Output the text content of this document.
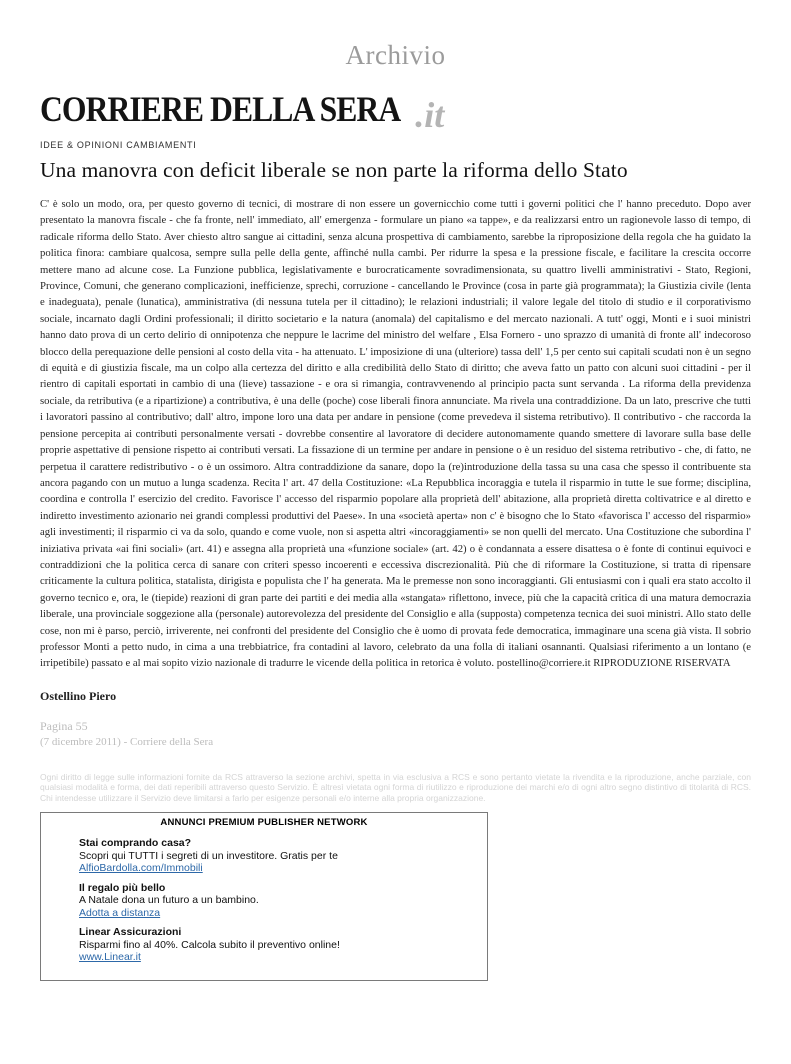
Archivio
CORRIERE DELLA SERA .it
IDEE & OPINIONI CAMBIAMENTI
Una manovra con deficit liberale se non parte la riforma dello Stato
C' è solo un modo, ora, per questo governo di tecnici, di mostrare di non essere un governicchio come tutti i governi politici che l' hanno preceduto. Dopo aver presentato la manovra fiscale - che fa fronte, nell' immediato, all' emergenza - formulare un piano «a tappe», e da realizzarsi entro un ragionevole lasso di tempo, di radicale riforma dello Stato. Aver chiesto altro sangue ai cittadini, senza alcuna prospettiva di cambiamento, sarebbe la riproposizione della regola che ha guidato la politica finora: cambiare qualcosa, sempre sulla pelle della gente, affinché nulla cambi. Per ridurre la spesa e la pressione fiscale, e facilitare la crescita occorre mettere mano ad alcune cose. La Funzione pubblica, legislativamente e burocraticamente sovradimensionata, su quattro livelli amministrativi - Stato, Regioni, Province, Comuni, che generano complicazioni, inefficienze, sprechi, corruzione - cancellando le Province (cosa in parte già programmata); la Giustizia civile (lenta e inadeguata), penale (lunatica), amministrativa (di nessuna tutela per il cittadino); le relazioni industriali; il valore legale del titolo di studio e il corporativismo sociale, incarnato dagli Ordini professionali; il diritto societario e la natura (anomala) del capitalismo e del mercato nazionali. A tutt' oggi, Monti e i suoi ministri hanno dato prova di un certo delirio di onnipotenza che neppure le lacrime del ministro del welfare , Elsa Fornero - uno sprazzo di umanità di fronte all' indecoroso blocco della perequazione delle pensioni al costo della vita - ha attenuato. L' imposizione di una (ulteriore) tassa dell' 1,5 per cento sui capitali scudati non è un segno di equità e di giustizia fiscale, ma un colpo alla certezza del diritto e alla credibilità dello Stato di diritto; che aveva fatto un patto con alcuni suoi cittadini - per il rientro di capitali esportati in cambio di una (lieve) tassazione - e ora si rimangia, contravvenendo al principio pacta sunt servanda . La riforma della previdenza sociale, da retributiva (e a ripartizione) a contributiva, è una delle (poche) cose liberali finora annunciate. Ma rivela una contraddizione. Da un lato, prescrive che tutti i lavoratori passino al contributivo; dall' altro, impone loro una data per andare in pensione (come prevedeva il sistema retributivo). Il contributivo - che raccorda la pensione percepita ai contributi personalmente versati - dovrebbe consentire al lavoratore di decidere autonomamente quando smettere di lavorare sulla base delle proprie aspettative di pensione rispetto ai contributi versati. La fissazione di un termine per andare in pensione o è un residuo del sistema retributivo - che, di fatto, ne perpetua il carattere redistributivo - o è un ossimoro. Altra contraddizione da sanare, dopo la (re)introduzione della tassa su una casa che spesso il contribuente sta ancora pagando con un mutuo a lunga scadenza. Recita l' art. 47 della Costituzione: «La Repubblica incoraggia e tutela il risparmio in tutte le sue forme; disciplina, coordina e controlla l' esercizio del credito. Favorisce l' accesso del risparmio popolare alla proprietà dell' abitazione, alla proprietà diretta coltivatrice e al diretto e indiretto investimento azionario nei grandi complessi produttivi del Paese». In una «società aperta» non c' è bisogno che lo Stato «favorisca l' accesso del risparmio» agli investimenti; il risparmio ci va da solo, quando e come vuole, non si aspetta altri «incoraggiamenti» se non quelli del mercato. Una Costituzione che subordina l' iniziativa privata «ai fini sociali» (art. 41) e assegna alla proprietà una «funzione sociale» (art. 42) o è condannata a essere disattesa o è fonte di continui equivoci e contraddizioni che la politica cerca di sanare con criteri spesso incoerenti e eccessiva discrezionalità. Più che di riformare la Costituzione, si tratta di ripensare criticamente la cultura politica, statalista, dirigista e populista che l' ha generata. Ma le premesse non sono incoraggianti. Gli entusiasmi con i quali era stato accolto il governo tecnico e, ora, le (tiepide) reazioni di gran parte dei partiti e dei media alla «stangata» riflettono, invece, più che la capacità critica di una matura democrazia liberale, una provinciale soggezione alla (personale) autorevolezza del presidente del Consiglio e alla (supposta) competenza tecnica dei suoi ministri. Allo stato delle cose, non mi è parso, perciò, irriverente, nei confronti del presidente del Consiglio che è uomo di provata fede democratica, immaginare una scena già vista. Il sobrio professor Monti a petto nudo, in cima a una trebbiatrice, fra contadini al lavoro, celebrato da una folla di italiani osannanti. Qualsiasi riferimento a un lontano (e irripetibile) passato e al mai sopito vizio nazionale di tradurre le vicende della politica in retorica è voluto. postellino@corriere.it RIPRODUZIONE RISERVATA
Ostellino Piero
Pagina 55
(7 dicembre 2011) - Corriere della Sera
Ogni diritto di legge sulle informazioni fornite da RCS attraverso la sezione archivi, spetta in via esclusiva a RCS e sono pertanto vietate la rivendita e la riproduzione, anche parziale, con qualsiasi modalità e forma, dei dati reperibili attraverso questo Servizio. È altresì vietata ogni forma di riutilizzo e riproduzione dei marchi e/o di ogni altro segno distintivo di titolarità di RCS. Chi intendesse utilizzare il Servizio deve limitarsi a farlo per esigenze personali e/o interne alla propria organizzazione.
ANNUNCI PREMIUM PUBLISHER NETWORK
Stai comprando casa?
Scopri qui TUTTI i segreti di un investitore. Gratis per te
AlfioBardolla.com/Immobili
Il regalo più bello
A Natale dona un futuro a un bambino.
Adotta a distanza
Linear Assicurazioni
Risparmi fino al 40%. Calcola subito il preventivo online!
www.Linear.it
